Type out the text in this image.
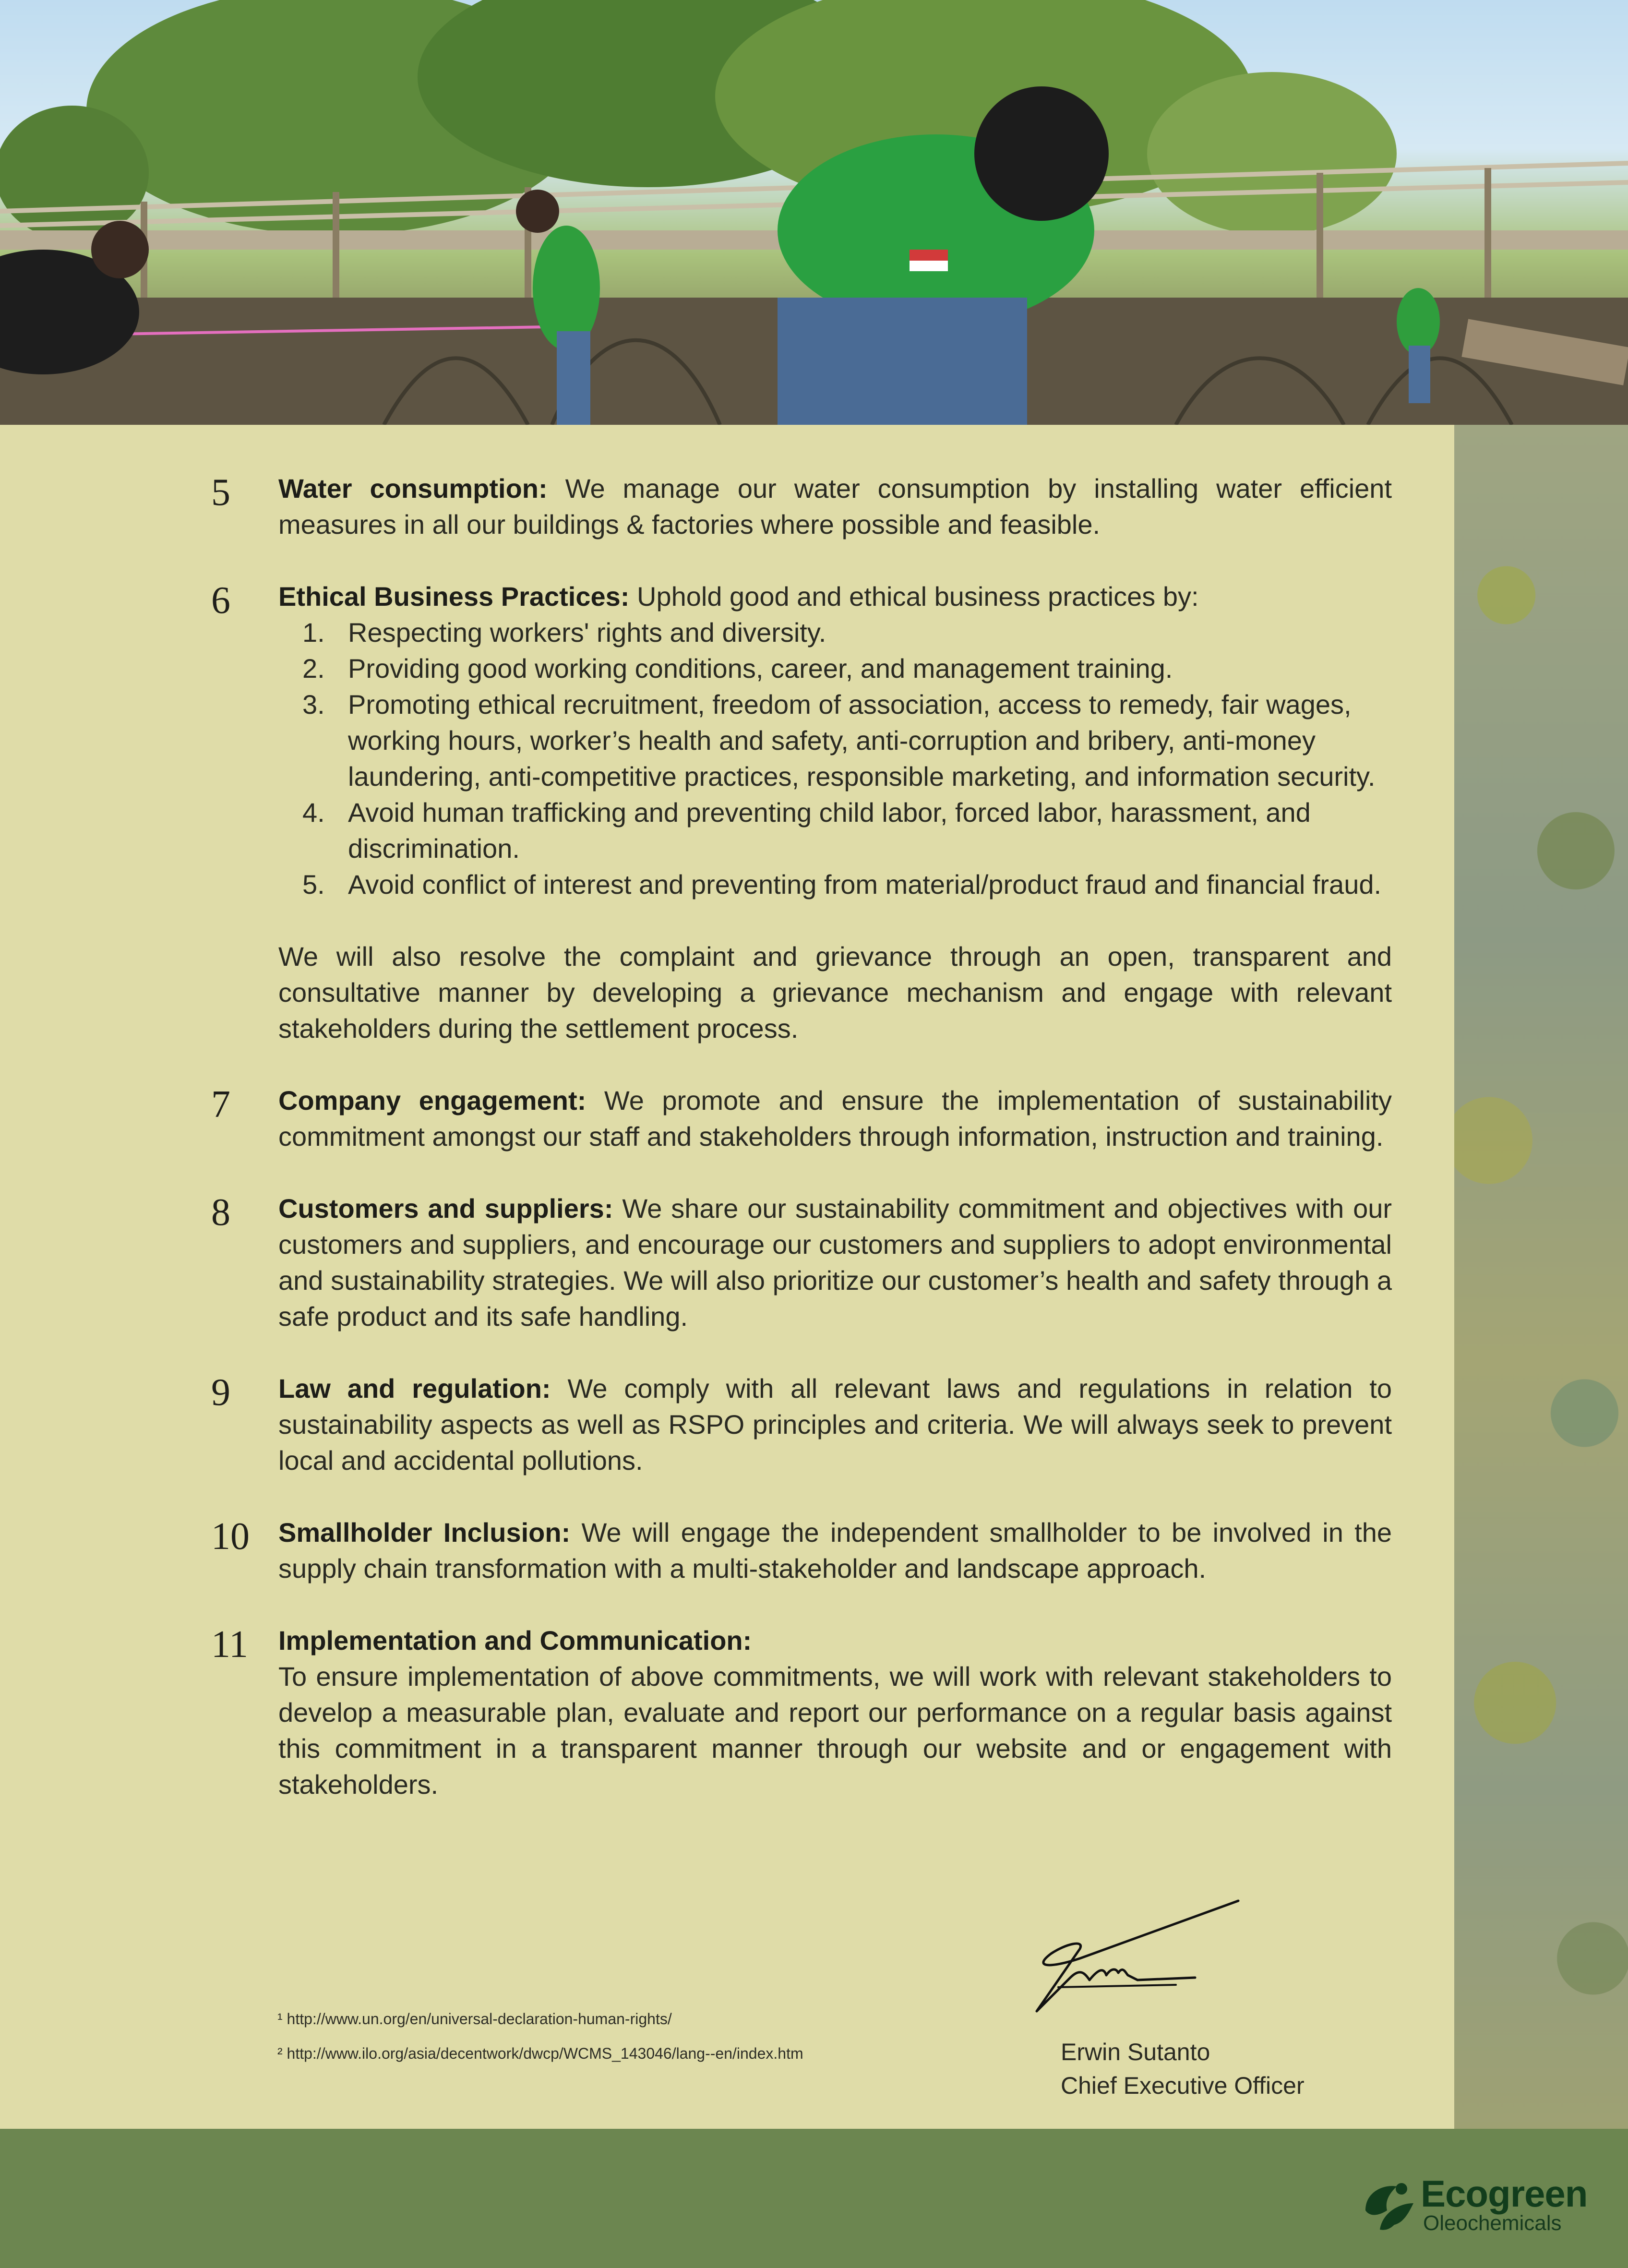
5 Water consumption: We manage our water consumption by installing water efficient measures in all our buildings & factories where possible and feasible.

6 Ethical Business Practices: Uphold good and ethical business practices by:

1. Respecting workers' rights and diversity.
2. Providing good working conditions, career, and management training.
3. Promoting ethical recruitment, freedom of association, access to remedy, fair wages, working hours, worker’s health and safety, anti-corruption and bribery, anti-money laundering, anti-competitive practices, responsible marketing, and information security.
4. Avoid human trafficking and preventing child labor, forced labor, harassment, and discrimination.
5. Avoid conflict of interest and preventing from material/product fraud and financial fraud.

We will also resolve the complaint and grievance through an open, transparent and consultative manner by developing a grievance mechanism and engage with relevant stakeholders during the settlement process.

7 Company engagement: We promote and ensure the implementation of sustainability commitment amongst our staff and stakeholders through information, instruction and training.

8 Customers and suppliers: We share our sustainability commitment and objectives with our customers and suppliers, and encourage our customers and suppliers to adopt environmental and sustainability strategies. We will also prioritize our customer’s health and safety through a safe product and its safe handling.

9 Law and regulation: We comply with all relevant laws and regulations in relation to sustainability aspects as well as RSPO principles and criteria. We will always seek to prevent local and accidental pollutions.

10 Smallholder Inclusion: We will engage the independent smallholder to be involved in the supply chain transformation with a multi-stakeholder and landscape approach.

11 Implementation and Communication:

To ensure implementation of above commitments, we will work with relevant stakeholders to develop a measurable plan, evaluate and report our performance on a regular basis against this commitment in a transparent manner through our website and or engagement with stakeholders.

¹ http://www.un.org/en/universal-declaration-human-rights/
² http://www.ilo.org/asia/decentwork/dwcp/WCMS_143046/lang--en/index.htm	Erwin Sutanto
Chief Executive Officer
Ecogreen
Oleochemicals
